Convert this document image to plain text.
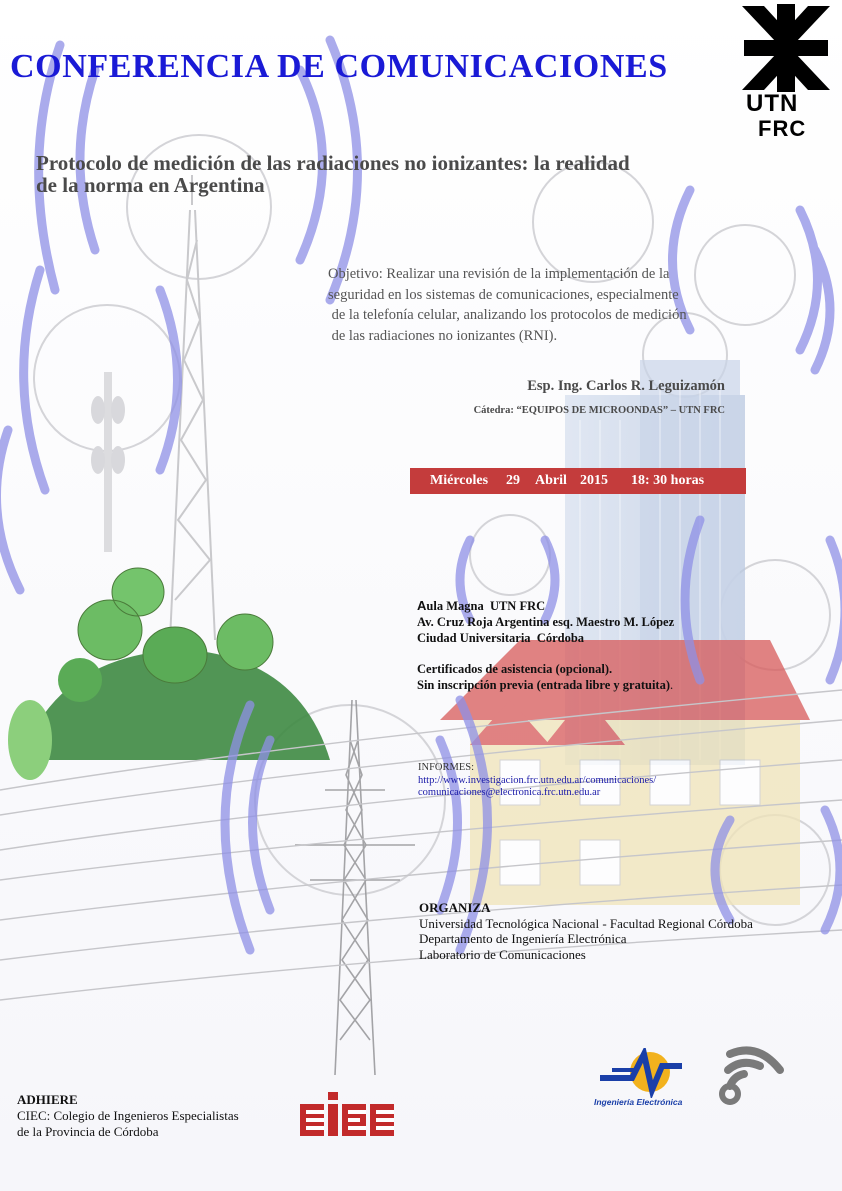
UTN
FRC
CONFERENCIA DE COMUNICACIONES
Protocolo de medición de las radiaciones no ionizantes: la realidad
de la norma en Argentina
Objetivo: Realizar una revisión de la implementación de la
seguridad en los sistemas de comunicaciones, especialmente
de la telefonía celular, analizando los protocolos de medición
de las radiaciones no ionizantes (RNI).
Esp. Ing. Carlos R. Leguizamón
Cátedra: “EQUIPOS DE MICROONDAS” – UTN FRC
Miércoles 29 Abril 2015 18: 30 horas
Aula Magna  UTN FRC
Av. Cruz Roja Argentina esq. Maestro M. López
Ciudad Universitaria  Córdoba
Certificados de asistencia (opcional).
Sin inscripción previa (entrada libre y gratuita).
INFORMES:
http://www.investigacion.frc.utn.edu.ar/comunicaciones/
comunicaciones@electronica.frc.utn.edu.ar
ORGANIZA
Universidad Tecnológica Nacional - Facultad Regional Córdoba
Departamento de Ingeniería Electrónica
Laboratorio de Comunicaciones
ADHIERE
CIEC: Colegio de Ingenieros Especialistas
de la Provincia de Córdoba
Ingeniería Electrónica
